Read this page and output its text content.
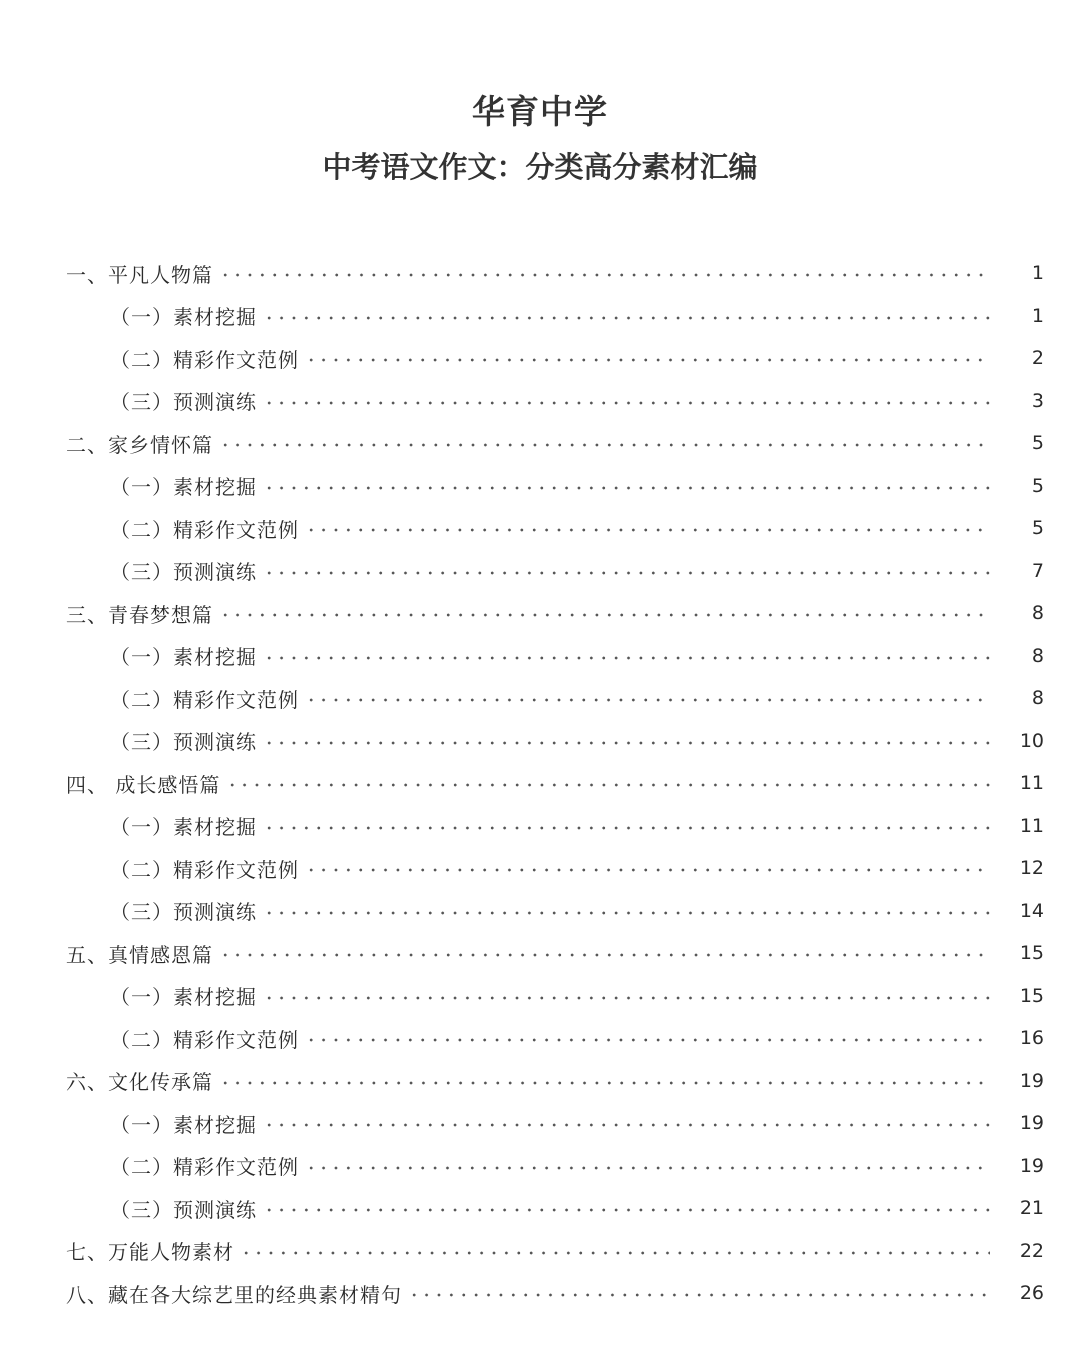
华育中学
中考语文作文：分类高分素材汇编
一、平凡人物篇	1
（一）素材挖掘	1
（二）精彩作文范例	2
（三）预测演练	3
二、家乡情怀篇	5
（一）素材挖掘	5
（二）精彩作文范例	5
（三）预测演练	7
三、青春梦想篇	8
（一）素材挖掘	8
（二）精彩作文范例	8
（三）预测演练	10
四、 成长感悟篇	11
（一）素材挖掘	11
（二）精彩作文范例	12
（三）预测演练	14
五、真情感恩篇	15
（一）素材挖掘	15
（二）精彩作文范例	16
六、文化传承篇	19
（一）素材挖掘	19
（二）精彩作文范例	19
（三）预测演练	21
七、万能人物素材	22
八、藏在各大综艺里的经典素材精句	26
